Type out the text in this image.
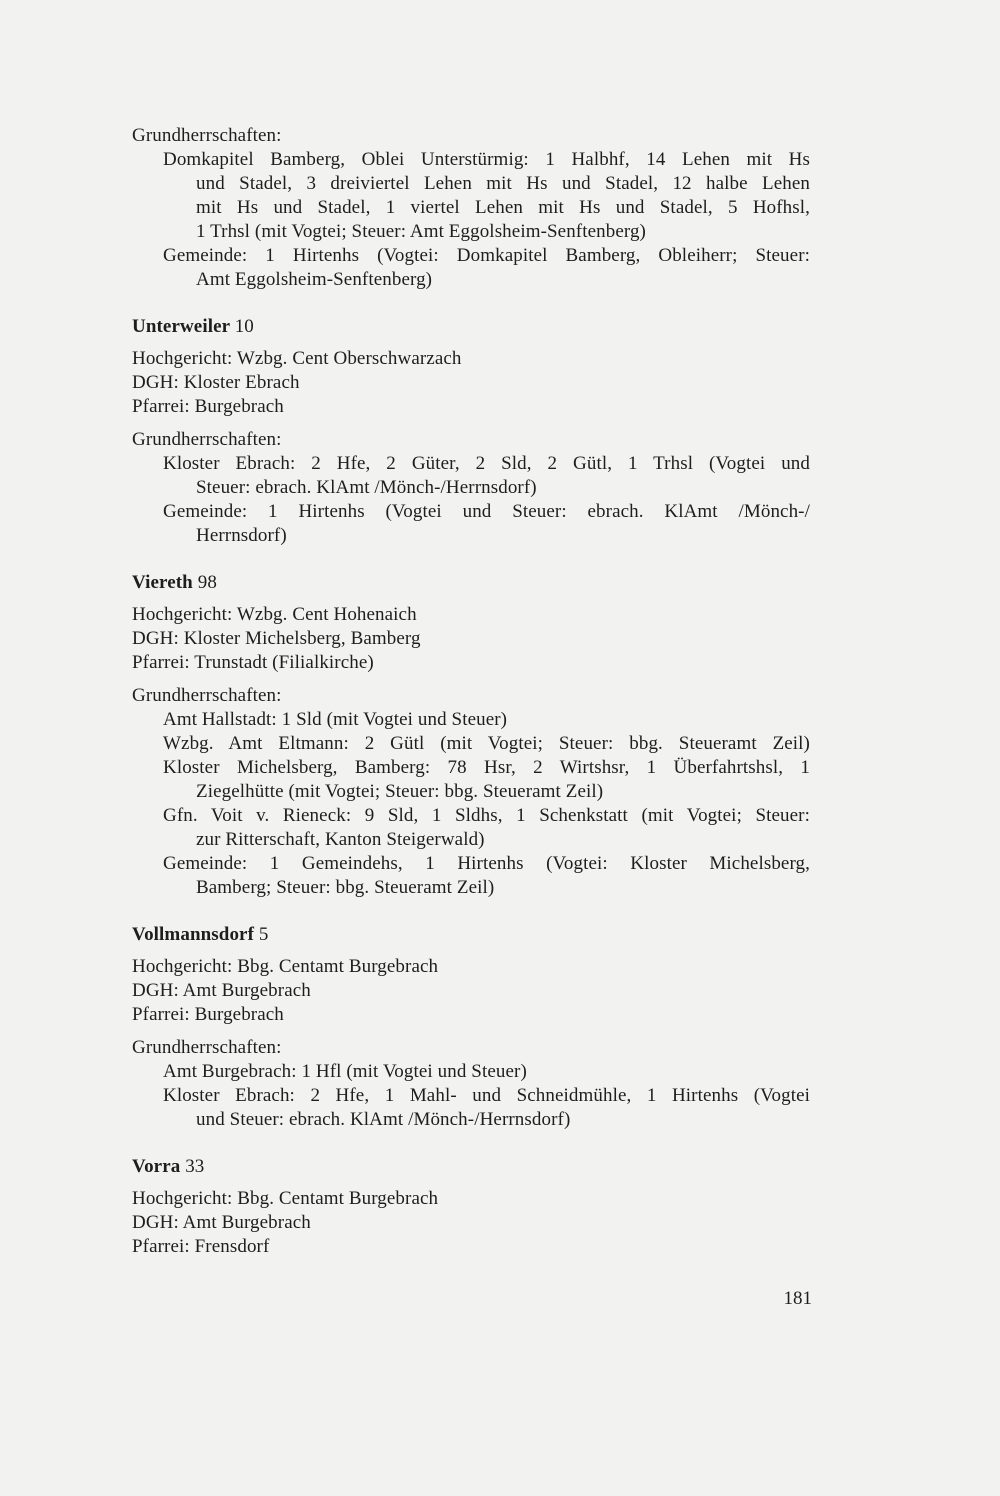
Grundherrschaften:
Domkapitel Bamberg, Oblei Unterstürmig: 1 Halbhf, 14 Lehen mit Hs
und Stadel, 3 dreiviertel Lehen mit Hs und Stadel, 12 halbe Lehen
mit Hs und Stadel, 1 viertel Lehen mit Hs und Stadel, 5 Hofhsl,
1 Trhsl (mit Vogtei; Steuer: Amt Eggolsheim-Senftenberg)
Gemeinde: 1 Hirtenhs (Vogtei: Domkapitel Bamberg, Obleiherr; Steuer:
Amt Eggolsheim-Senftenberg)
Unterweiler 10
Hochgericht: Wzbg. Cent Oberschwarzach
DGH: Kloster Ebrach
Pfarrei: Burgebrach
Grundherrschaften:
Kloster Ebrach: 2 Hfe, 2 Güter, 2 Sld, 2 Gütl, 1 Trhsl (Vogtei und
Steuer: ebrach. KlAmt /Mönch-/Herrnsdorf)
Gemeinde: 1 Hirtenhs (Vogtei und Steuer: ebrach. KlAmt /Mönch-/
Herrnsdorf)
Viereth 98
Hochgericht: Wzbg. Cent Hohenaich
DGH: Kloster Michelsberg, Bamberg
Pfarrei: Trunstadt (Filialkirche)
Grundherrschaften:
Amt Hallstadt: 1 Sld (mit Vogtei und Steuer)
Wzbg. Amt Eltmann: 2 Gütl (mit Vogtei; Steuer: bbg. Steueramt Zeil)
Kloster Michelsberg, Bamberg: 78 Hsr, 2 Wirtshsr, 1 Überfahrtshsl, 1
Ziegelhütte (mit Vogtei; Steuer: bbg. Steueramt Zeil)
Gfn. Voit v. Rieneck: 9 Sld, 1 Sldhs, 1 Schenkstatt (mit Vogtei; Steuer:
zur Ritterschaft, Kanton Steigerwald)
Gemeinde: 1 Gemeindehs, 1 Hirtenhs (Vogtei: Kloster Michelsberg,
Bamberg; Steuer: bbg. Steueramt Zeil)
Vollmannsdorf 5
Hochgericht: Bbg. Centamt Burgebrach
DGH: Amt Burgebrach
Pfarrei: Burgebrach
Grundherrschaften:
Amt Burgebrach: 1 Hfl (mit Vogtei und Steuer)
Kloster Ebrach: 2 Hfe, 1 Mahl- und Schneidmühle, 1 Hirtenhs (Vogtei
und Steuer: ebrach. KlAmt /Mönch-/Herrnsdorf)
Vorra 33
Hochgericht: Bbg. Centamt Burgebrach
DGH: Amt Burgebrach
Pfarrei: Frensdorf
181
